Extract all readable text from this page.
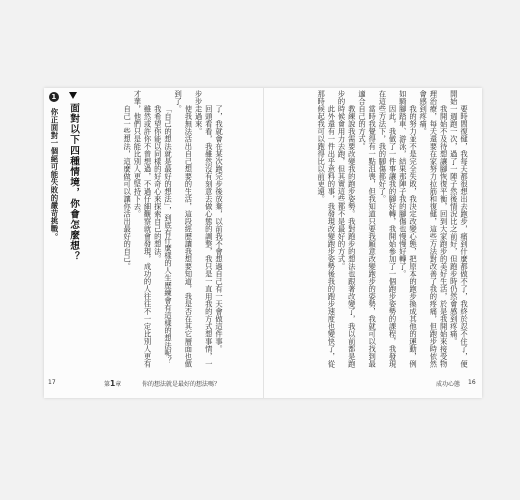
了，我就會在某次跑完步後放棄，以前我不會想過自己有一天會做這件事。

回頭看看，我雖然沒有刻意去做心態的調整，我只是一直用我的方式想事情，一步步走過來。

使我無法活出自己想要的生活，這段經歷讓我想要知道，我是否在其它層面也做到了。

「自己的想法就是最好的想法」，到底有什麼樣的人生歷練會有這樣的想法呢？

我希望你能以同樣的好奇心來探索自己的想法。

雖然或許你不曾想過，不過仔細觀察就會發現，成功的人往往不一定比別人更有才華，他們只是能比別人更堅持下去。

自己一些想法，這麼做可以讓你活出最好的自己。

面對以下四種情境，你會怎麼想？
1 你正面對一個絕可能失敗的嚴苛挑戰。	要時間復健，我每天都很想出去跑步，痛到什麼都做不了，我終於忍不住了，便開始一週跑一次，過了一陣子然後情況比之前好，但跑步時仍然會感到疼痛。

我開始不及待想讓腳恢復平衡，回到大家跑步的美好生活，於是我開始來接受物理治療，每天還要在家努力拉筋和復健，這些方法對改善了我的疼痛，但跑步時依然會感到疼痛。

我的努力並不是完全失敗，我決定改變心態，把原本的跑步換成其他的運動，例如騎腳踏車、游泳，結果那陣子我的腳傷也慢慢好轉了。

因此，我做了一件事讓我的腳好轉，我開始參加了一個跑步姿勢的課程，我發現在這些方法下，我的腳傷都好了。

當時我覺得有一點沮喪，但我知道只要我願意改變跑步的姿勢，我就可以找到最適合自己的方式。

教練說我需要改變我的跑步姿勢。我對跑步的想法也跟著改變了，我以前都是跑步的時候會用力去跑，但其實這些都不是最好的方式。

此外還有一件出乎意料的事，我發現改變跑步姿勢後我的跑步速度也變快了，從那時候起我可以跑得比以前更遠。

17	第1章	你的想法就是最好的想法嗎？	成功心態 16
